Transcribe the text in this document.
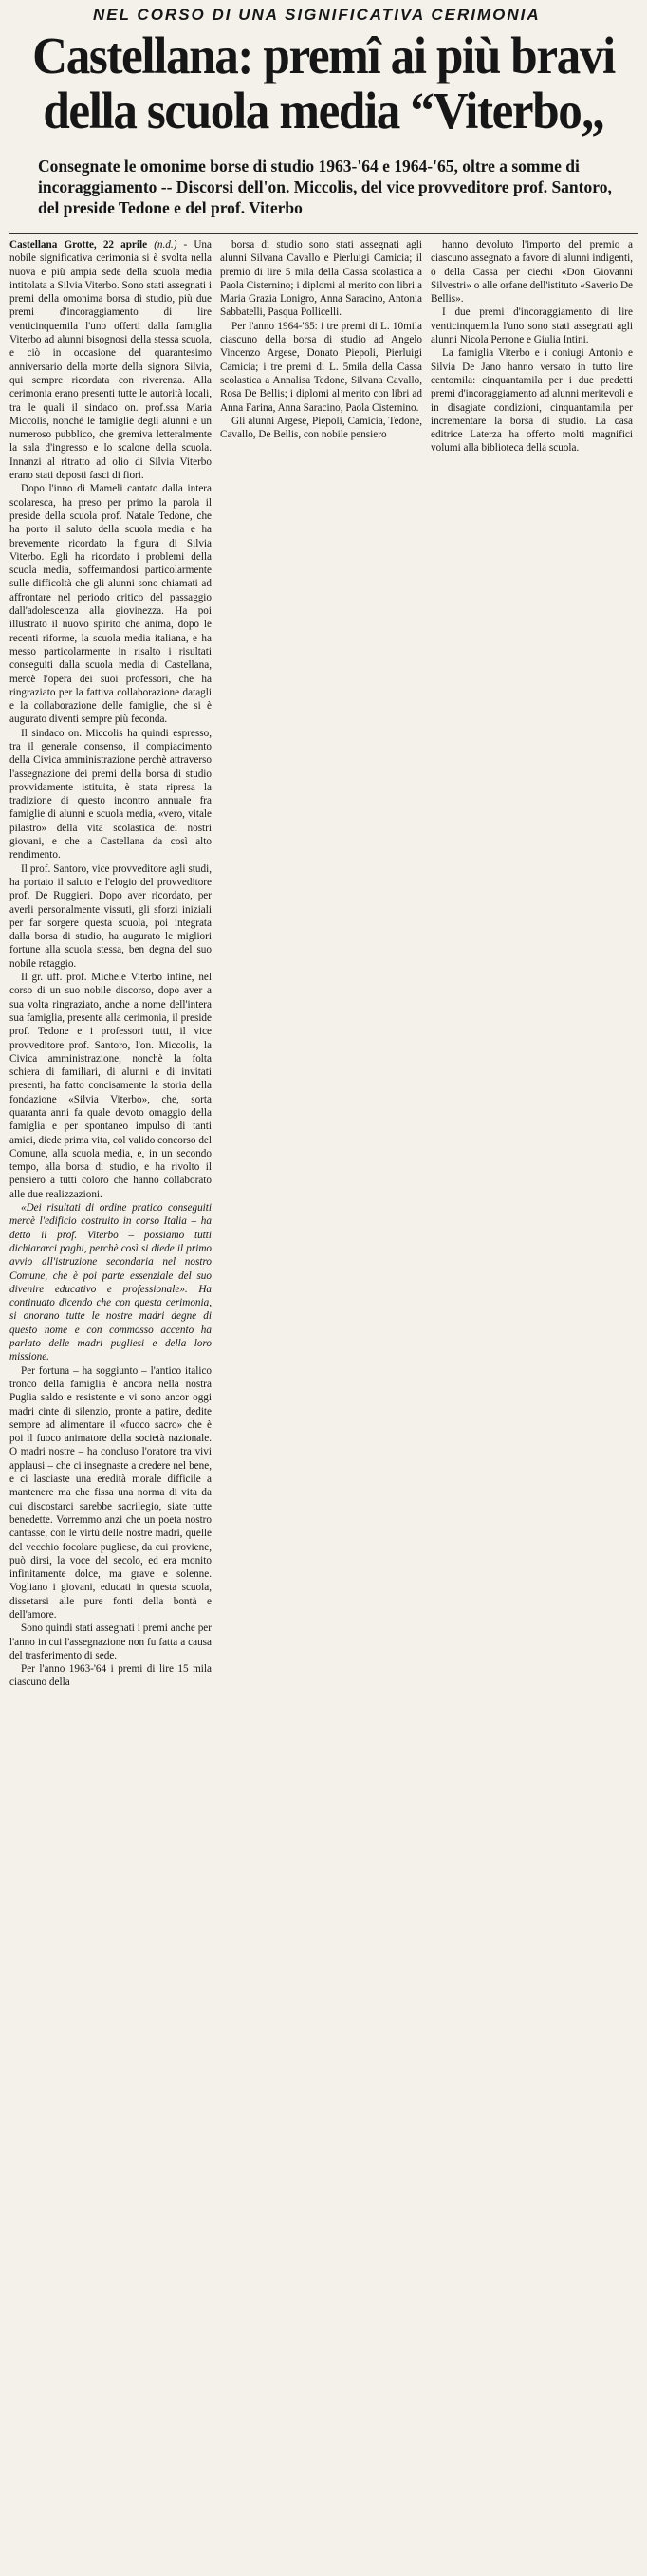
NEL CORSO DI UNA SIGNIFICATIVA CERIMONIA
Castellana: premî ai più bravi
della scuola media “Viterbo„
Consegnate le omonime borse di studio 1963-'64 e 1964-'65, oltre a somme di incoraggiamento -- Discorsi dell'on. Miccolis, del vice provveditore prof. Santoro, del preside Tedone e del prof. Viterbo

Castellana Grotte, 22 aprile (n.d.) - Una nobile significativa cerimonia si è svolta nella nuova e più ampia sede della scuola media intitolata a Silvia Viterbo. Sono stati assegnati i premi della omonima borsa di studio, più due premi d'incoraggiamento di lire venticinquemila l'uno offerti dalla famiglia Viterbo ad alunni bisognosi della stessa scuola, e ciò in occasione del quarantesimo anniversario della morte della signora Silvia, qui sempre ricordata con riverenza. Alla cerimonia erano presenti tutte le autorità locali, tra le quali il sindaco on. prof.ssa Maria Miccolis, nonchè le famiglie degli alunni e un numeroso pubblico, che gremiva letteralmente la sala d'ingresso e lo scalone della scuola. Innanzi al ritratto ad olio di Silvia Viterbo erano stati deposti fasci di fiori.

Dopo l'inno di Mameli cantato dalla intera scolaresca, ha preso per primo la parola il preside della scuola prof. Natale Tedone, che ha porto il saluto della scuola media e ha brevemente ricordato la figura di Silvia Viterbo. Egli ha ricordato i problemi della scuola media, soffermandosi particolarmente sulle difficoltà che gli alunni sono chiamati ad affrontare nel periodo critico del passaggio dall'adolescenza alla giovinezza. Ha poi illustrato il nuovo spirito che anima, dopo le recenti riforme, la scuola media italiana, e ha messo particolarmente in risalto i risultati conseguiti dalla scuola media di Castellana, mercè l'opera dei suoi professori, che ha ringraziato per la fattiva collaborazione datagli e la collaborazione delle famiglie, che si è augurato diventi sempre più feconda.

Il sindaco on. Miccolis ha quindi espresso, tra il generale consenso, il compiacimento della Civica amministrazione perchè attraverso l'assegnazione dei premi della borsa di studio provvidamente istituita, è stata ripresa la tradizione di questo incontro annuale fra famiglie di alunni e scuola media, «vero, vitale pilastro» della vita scolastica dei nostri giovani, e che a Castellana da così alto rendimento.

Il prof. Santoro, vice provveditore agli studi, ha portato il saluto e l'elogio del provveditore prof. De Ruggieri. Dopo aver ricordato, per averli personalmente vissuti, gli sforzi iniziali per far sorgere questa scuola, poi integrata dalla borsa di studio, ha augurato le migliori fortune alla scuola stessa, ben degna del suo nobile retaggio.

Il gr. uff. prof. Michele Viterbo infine, nel corso di un suo nobile discorso, dopo aver a sua volta ringraziato, anche a nome dell'intera sua famiglia, presente alla cerimonia, il preside prof. Tedone e i professori tutti, il vice provveditore prof. Santoro, l'on. Miccolis, la Civica amministrazione, nonchè la folta schiera di familiari, di alunni e di invitati presenti, ha fatto concisamente la storia della fondazione «Silvia Viterbo», che, sorta quaranta anni fa quale devoto omaggio della famiglia e per spontaneo impulso di tanti amici, diede prima vita, col valido concorso del Comune, alla scuola media, e, in un secondo tempo, alla borsa di studio, e ha rivolto il pensiero a tutti coloro che hanno collaborato alle due realizzazioni.

«Dei risultati di ordine pratico conseguiti mercè l'edificio costruito in corso Italia – ha detto il prof. Viterbo – possiamo tutti dichiararci paghi, perchè così si diede il primo avvio all'istruzione secondaria nel nostro Comune, che è poi parte essenziale del suo divenire educativo e professionale». Ha continuato dicendo che con questa cerimonia, si onorano tutte le nostre madri degne di questo nome e con commosso accento ha parlato delle madri pugliesi e della loro missione.

Per fortuna – ha soggiunto – l'antico italico tronco della famiglia è ancora nella nostra Puglia saldo e resistente e vi sono ancor oggi madri cinte di silenzio, pronte a patire, dedite sempre ad alimentare il «fuoco sacro» che è poi il fuoco animatore della società nazionale. O madri nostre – ha concluso l'oratore tra vivi applausi – che ci insegnaste a credere nel bene, e ci lasciaste una eredità morale difficile a mantenere ma che fissa una norma di vita da cui discostarci sarebbe sacrilegio, siate tutte benedette. Vorremmo anzi che un poeta nostro cantasse, con le virtù delle nostre madri, quelle del vecchio focolare pugliese, da cui proviene, può dirsi, la voce del secolo, ed era monito infinitamente dolce, ma grave e solenne. Vogliano i giovani, educati in questa scuola, dissetarsi alle pure fonti della bontà e dell'amore.

Sono quindi stati assegnati i premi anche per l'anno in cui l'assegnazione non fu fatta a causa del trasferimento di sede.

Per l'anno 1963-'64 i premi di lire 15 mila ciascuno della

borsa di studio sono stati assegnati agli alunni Silvana Cavallo e Pierluigi Camicia; il premio di lire 5 mila della Cassa scolastica a Paola Cisternino; i diplomi al merito con libri a Maria Grazia Lonigro, Anna Saracino, Antonia Sabbatelli, Pasqua Pollicelli.

Per l'anno 1964-'65: i tre premi di L. 10mila ciascuno della borsa di studio ad Angelo Vincenzo Argese, Donato Piepoli, Pierluigi Camicia; i tre premi di L. 5mila della Cassa scolastica a Annalisa Tedone, Silvana Cavallo, Rosa De Bellis; i diplomi al merito con libri ad Anna Farina, Anna Saracino, Paola Cisternino.

Gli alunni Argese, Piepoli, Camicia, Tedone, Cavallo, De Bellis, con nobile pensiero

hanno devoluto l'importo del premio a ciascuno assegnato a favore di alunni indigenti, o della Cassa per ciechi «Don Giovanni Silvestri» o alle orfane dell'istituto «Saverio De Bellis».

I due premi d'incoraggiamento di lire venticinquemila l'uno sono stati assegnati agli alunni Nicola Perrone e Giulia Intini.

La famiglia Viterbo e i coniugi Antonio e Silvia De Jano hanno versato in tutto lire centomila: cinquantamila per i due predetti premi d'incoraggiamento ad alunni meritevoli e in disagiate condizioni, cinquantamila per incrementare la borsa di studio. La casa editrice Laterza ha offerto molti magnifici volumi alla biblioteca della scuola.
